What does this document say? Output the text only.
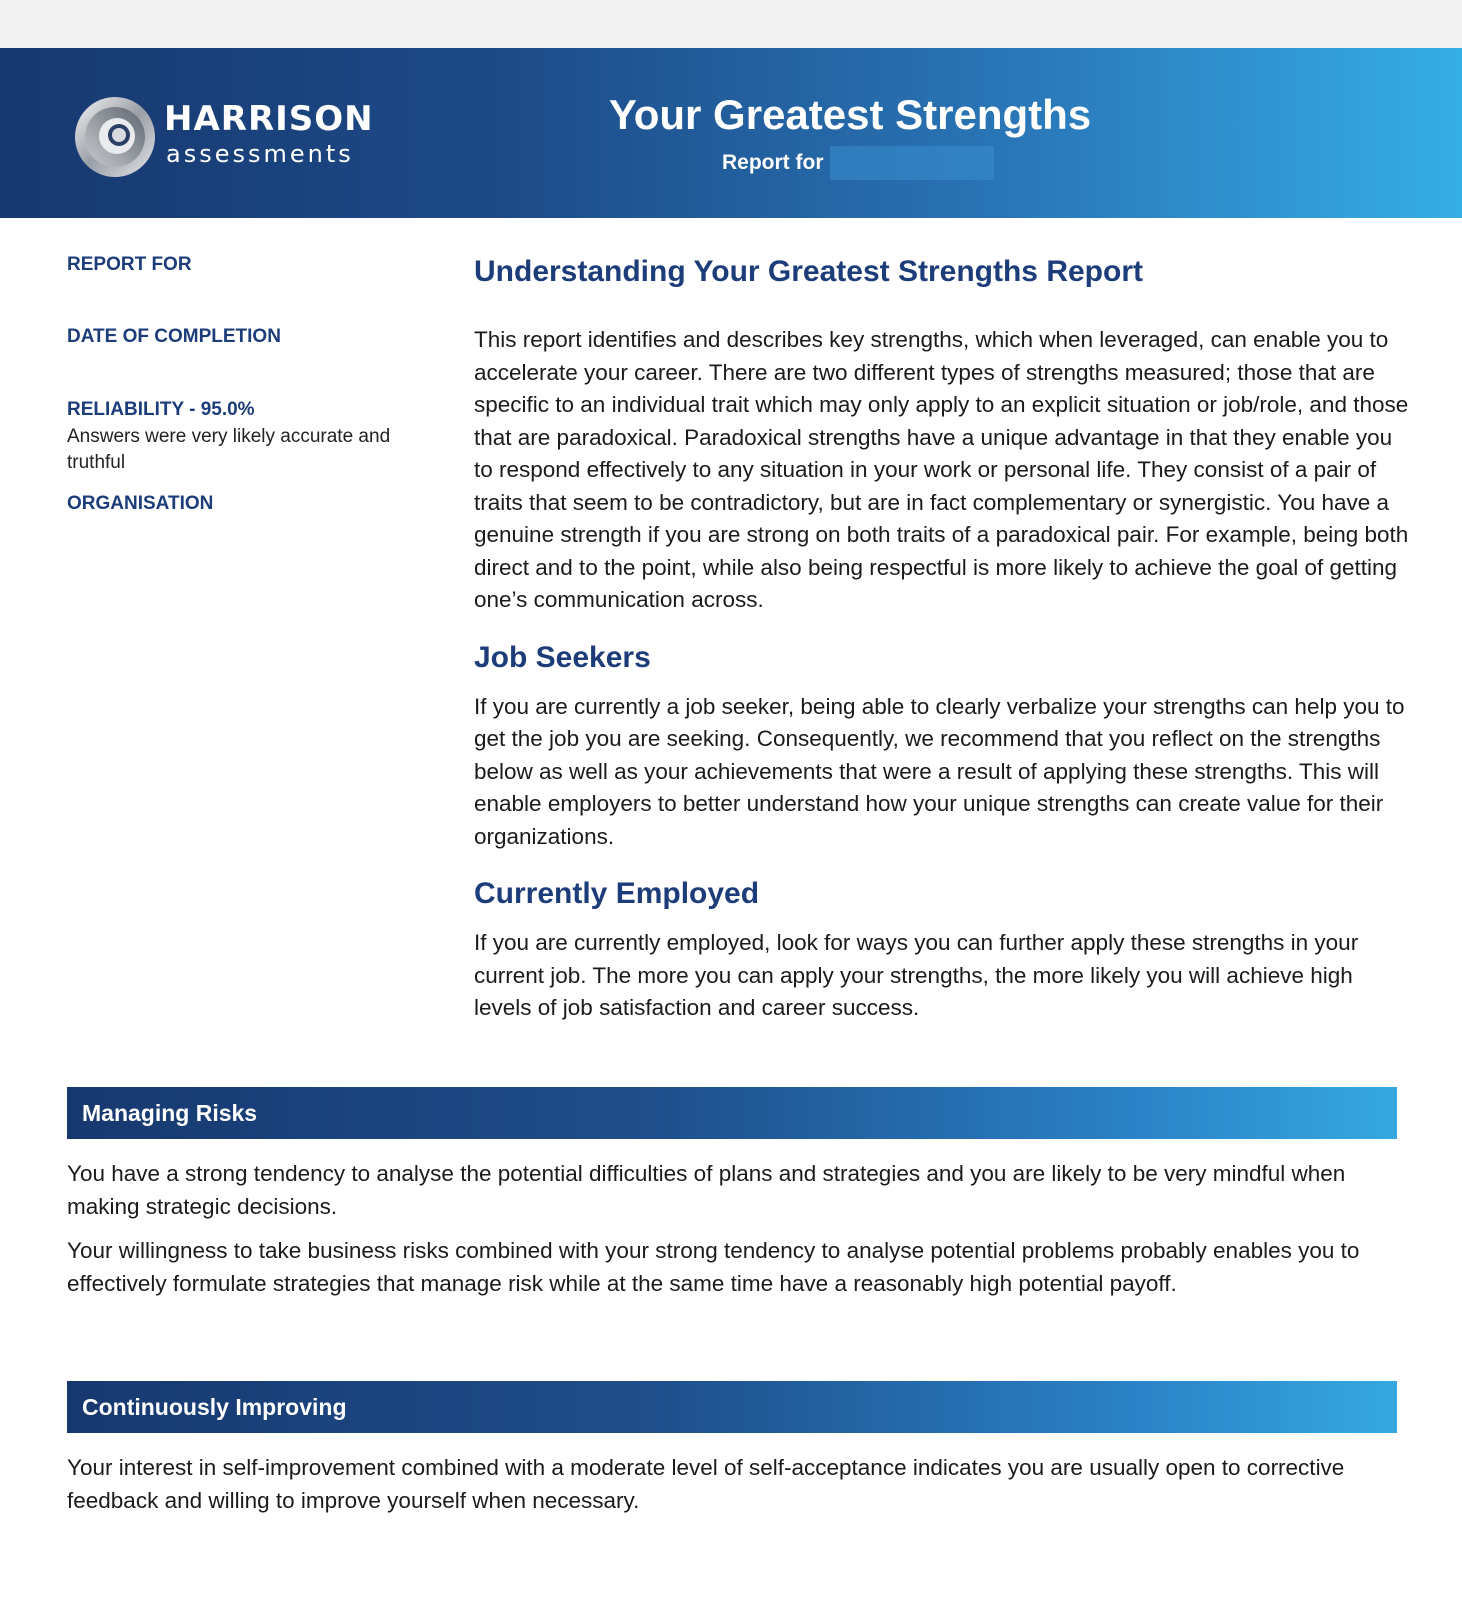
HARRISON
assessments
Your Greatest Strengths
Report for
REPORT FOR
DATE OF COMPLETION
RELIABILITY - 95.0%
Answers were very likely accurate and truthful
ORGANISATION
Understanding Your Greatest Strengths Report

This report identifies and describes key strengths, which when leveraged, can enable you to accelerate your career. There are two different types of strengths measured; those that are specific to an individual trait which may only apply to an explicit situation or job/role, and those that are paradoxical. Paradoxical strengths have a unique advantage in that they enable you to respond effectively to any situation in your work or personal life. They consist of a pair of traits that seem to be contradictory, but are in fact complementary or synergistic. You have a genuine strength if you are strong on both traits of a paradoxical pair. For example, being both direct and to the point, while also being respectful is more likely to achieve the goal of getting one’s communication across.

Job Seekers

If you are currently a job seeker, being able to clearly verbalize your strengths can help you to get the job you are seeking. Consequently, we recommend that you reflect on the strengths below as well as your achievements that were a result of applying these strengths. This will enable employers to better understand how your unique strengths can create value for their organizations.

Currently Employed

If you are currently employed, look for ways you can further apply these strengths in your current job. The more you can apply your strengths, the more likely you will achieve high levels of job satisfaction and career success.

Managing Risks

You have a strong tendency to analyse the potential difficulties of plans and strategies and you are likely to be very mindful when making strategic decisions.

Your willingness to take business risks combined with your strong tendency to analyse potential problems probably enables you to effectively formulate strategies that manage risk while at the same time have a reasonably high potential payoff.

Continuously Improving

Your interest in self-improvement combined with a moderate level of self-acceptance indicates you are usually open to corrective feedback and willing to improve yourself when necessary.
